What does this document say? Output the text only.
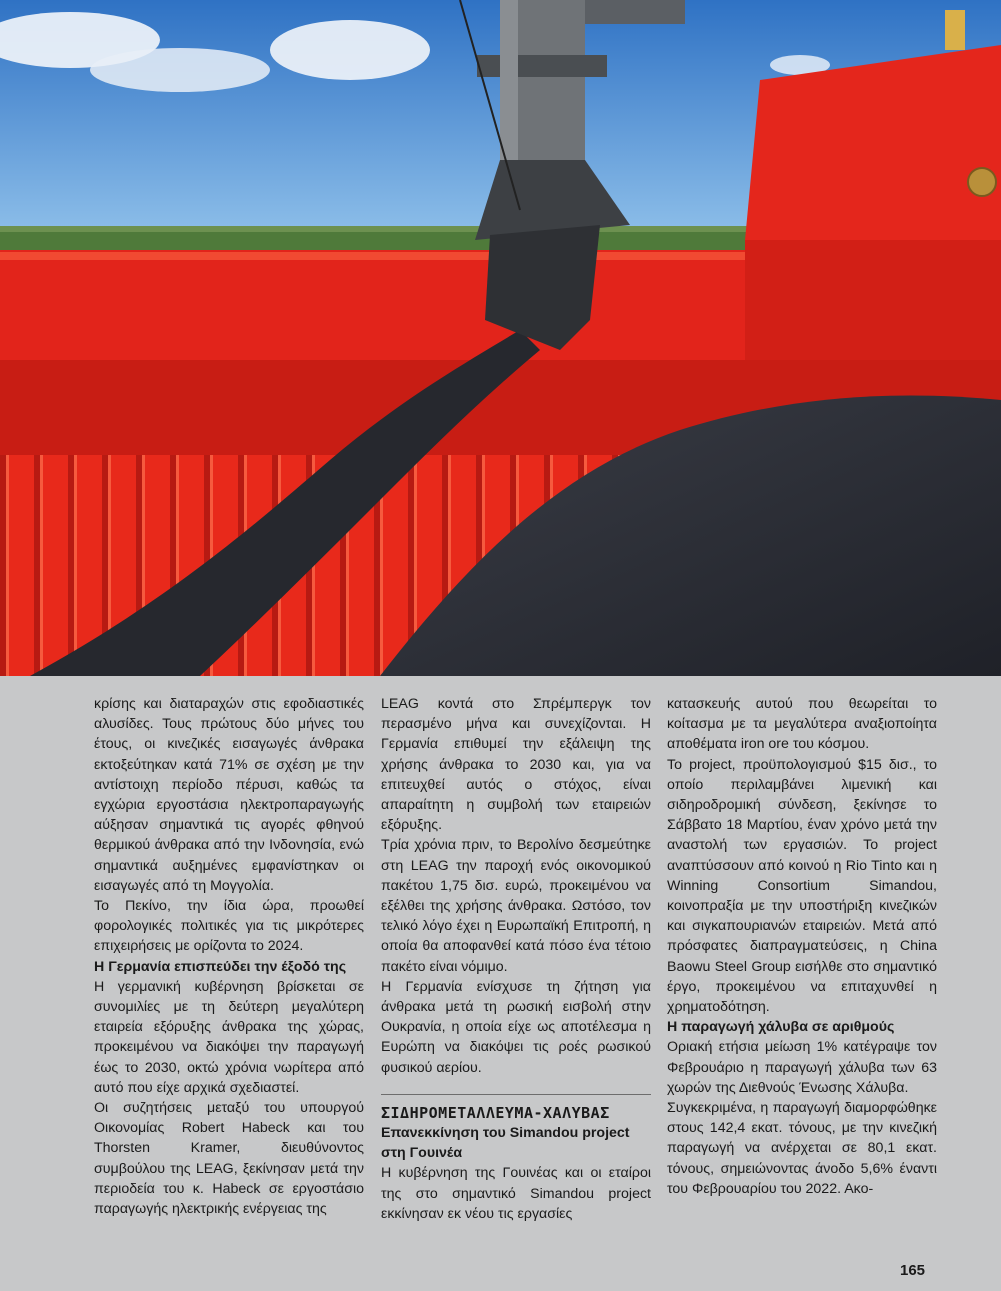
κρίσης και διαταραχών στις εφοδιαστικές αλυσίδες. Τους πρώτους δύο μήνες του έτους, οι κινεζικές εισαγωγές άνθρακα εκτοξεύτηκαν κατά 71% σε σχέση με την αντίστοιχη περίοδο πέρυσι, καθώς τα εγχώρια εργοστάσια ηλεκτροπαραγωγής αύξησαν σημαντικά τις αγορές φθηνού θερμικού άνθρακα από την Ινδονησία, ενώ σημαντικά αυξημένες εμφανίστηκαν οι εισαγωγές από τη Μογγολία.

Το Πεκίνο, την ίδια ώρα, προωθεί φορολογικές πολιτικές για τις μικρότερες επιχειρήσεις με ορίζοντα το 2024.

Η Γερμανία επισπεύδει την έξοδό της

Η γερμανική κυβέρνηση βρίσκεται σε συνομιλίες με τη δεύτερη μεγαλύτερη εταιρεία εξόρυξης άνθρακα της χώρας, προκειμένου να διακόψει την παραγωγή έως το 2030, οκτώ χρόνια νωρίτερα από αυτό που είχε αρχικά σχεδιαστεί.

Οι συζητήσεις μεταξύ του υπουργού Οικονομίας Robert Habeck και του Thorsten Kramer, διευθύνοντος συμβούλου της LEAG, ξεκίνησαν μετά την περιοδεία του κ. Habeck σε εργοστάσιο παραγωγής ηλεκτρικής ενέργειας της

LEAG κοντά στο Σπρέμπεργκ τον περασμένο μήνα και συνεχίζονται. Η Γερμανία επιθυμεί την εξάλειψη της χρήσης άνθρακα το 2030 και, για να επιτευχθεί αυτός ο στόχος, είναι απαραίτητη η συμβολή των εταιρειών εξόρυξης.

Τρία χρόνια πριν, το Βερολίνο δεσμεύτηκε στη LEAG την παροχή ενός οικονομικού πακέτου 1,75 δισ. ευρώ, προκειμένου να εξέλθει της χρήσης άνθρακα. Ωστόσο, τον τελικό λόγο έχει η Ευρωπαϊκή Επιτροπή, η οποία θα αποφανθεί κατά πόσο ένα τέτοιο πακέτο είναι νόμιμο.

Η Γερμανία ενίσχυσε τη ζήτηση για άνθρακα μετά τη ρωσική εισβολή στην Ουκρανία, η οποία είχε ως αποτέλεσμα η Ευρώπη να διακόψει τις ροές ρωσικού φυσικού αερίου.

ΣΙΔΗΡΟΜΕΤΑΛΛΕΥΜΑ-ΧΑΛΥΒΑΣ

Επανεκκίνηση του Simandou project στη Γουινέα

Η κυβέρνηση της Γουινέας και οι εταίροι της στο σημαντικό Simandou project εκκίνησαν εκ νέου τις εργασίες

κατασκευής αυτού που θεωρείται το κοίτασμα με τα μεγαλύτερα αναξιοποίητα αποθέματα iron ore του κόσμου.

Το project, προϋπολογισμού $15 δισ., το οποίο περιλαμβάνει λιμενική και σιδηροδρομική σύνδεση, ξεκίνησε το Σάββατο 18 Μαρτίου, έναν χρόνο μετά την αναστολή των εργασιών. Το project αναπτύσσουν από κοινού η Rio Tinto και η Winning Consortium Simandou, κοινοπραξία με την υποστήριξη κινεζικών και σιγκαπουριανών εταιρειών. Μετά από πρόσφατες διαπραγματεύσεις, η China Baowu Steel Group εισήλθε στο σημαντικό έργο, προκειμένου να επιταχυνθεί η χρηματοδότηση.

Η παραγωγή χάλυβα σε αριθμούς

Οριακή ετήσια μείωση 1% κατέγραψε τον Φεβρουάριο η παραγωγή χάλυβα των 63 χωρών της Διεθνούς Ένωσης Χάλυβα.

Συγκεκριμένα, η παραγωγή διαμορφώθηκε στους 142,4 εκατ. τόνους, με την κινεζική παραγωγή να ανέρχεται σε 80,1 εκατ. τόνους, σημειώνοντας άνοδο 5,6% έναντι του Φεβρουαρίου του 2022. Ακο-

165
